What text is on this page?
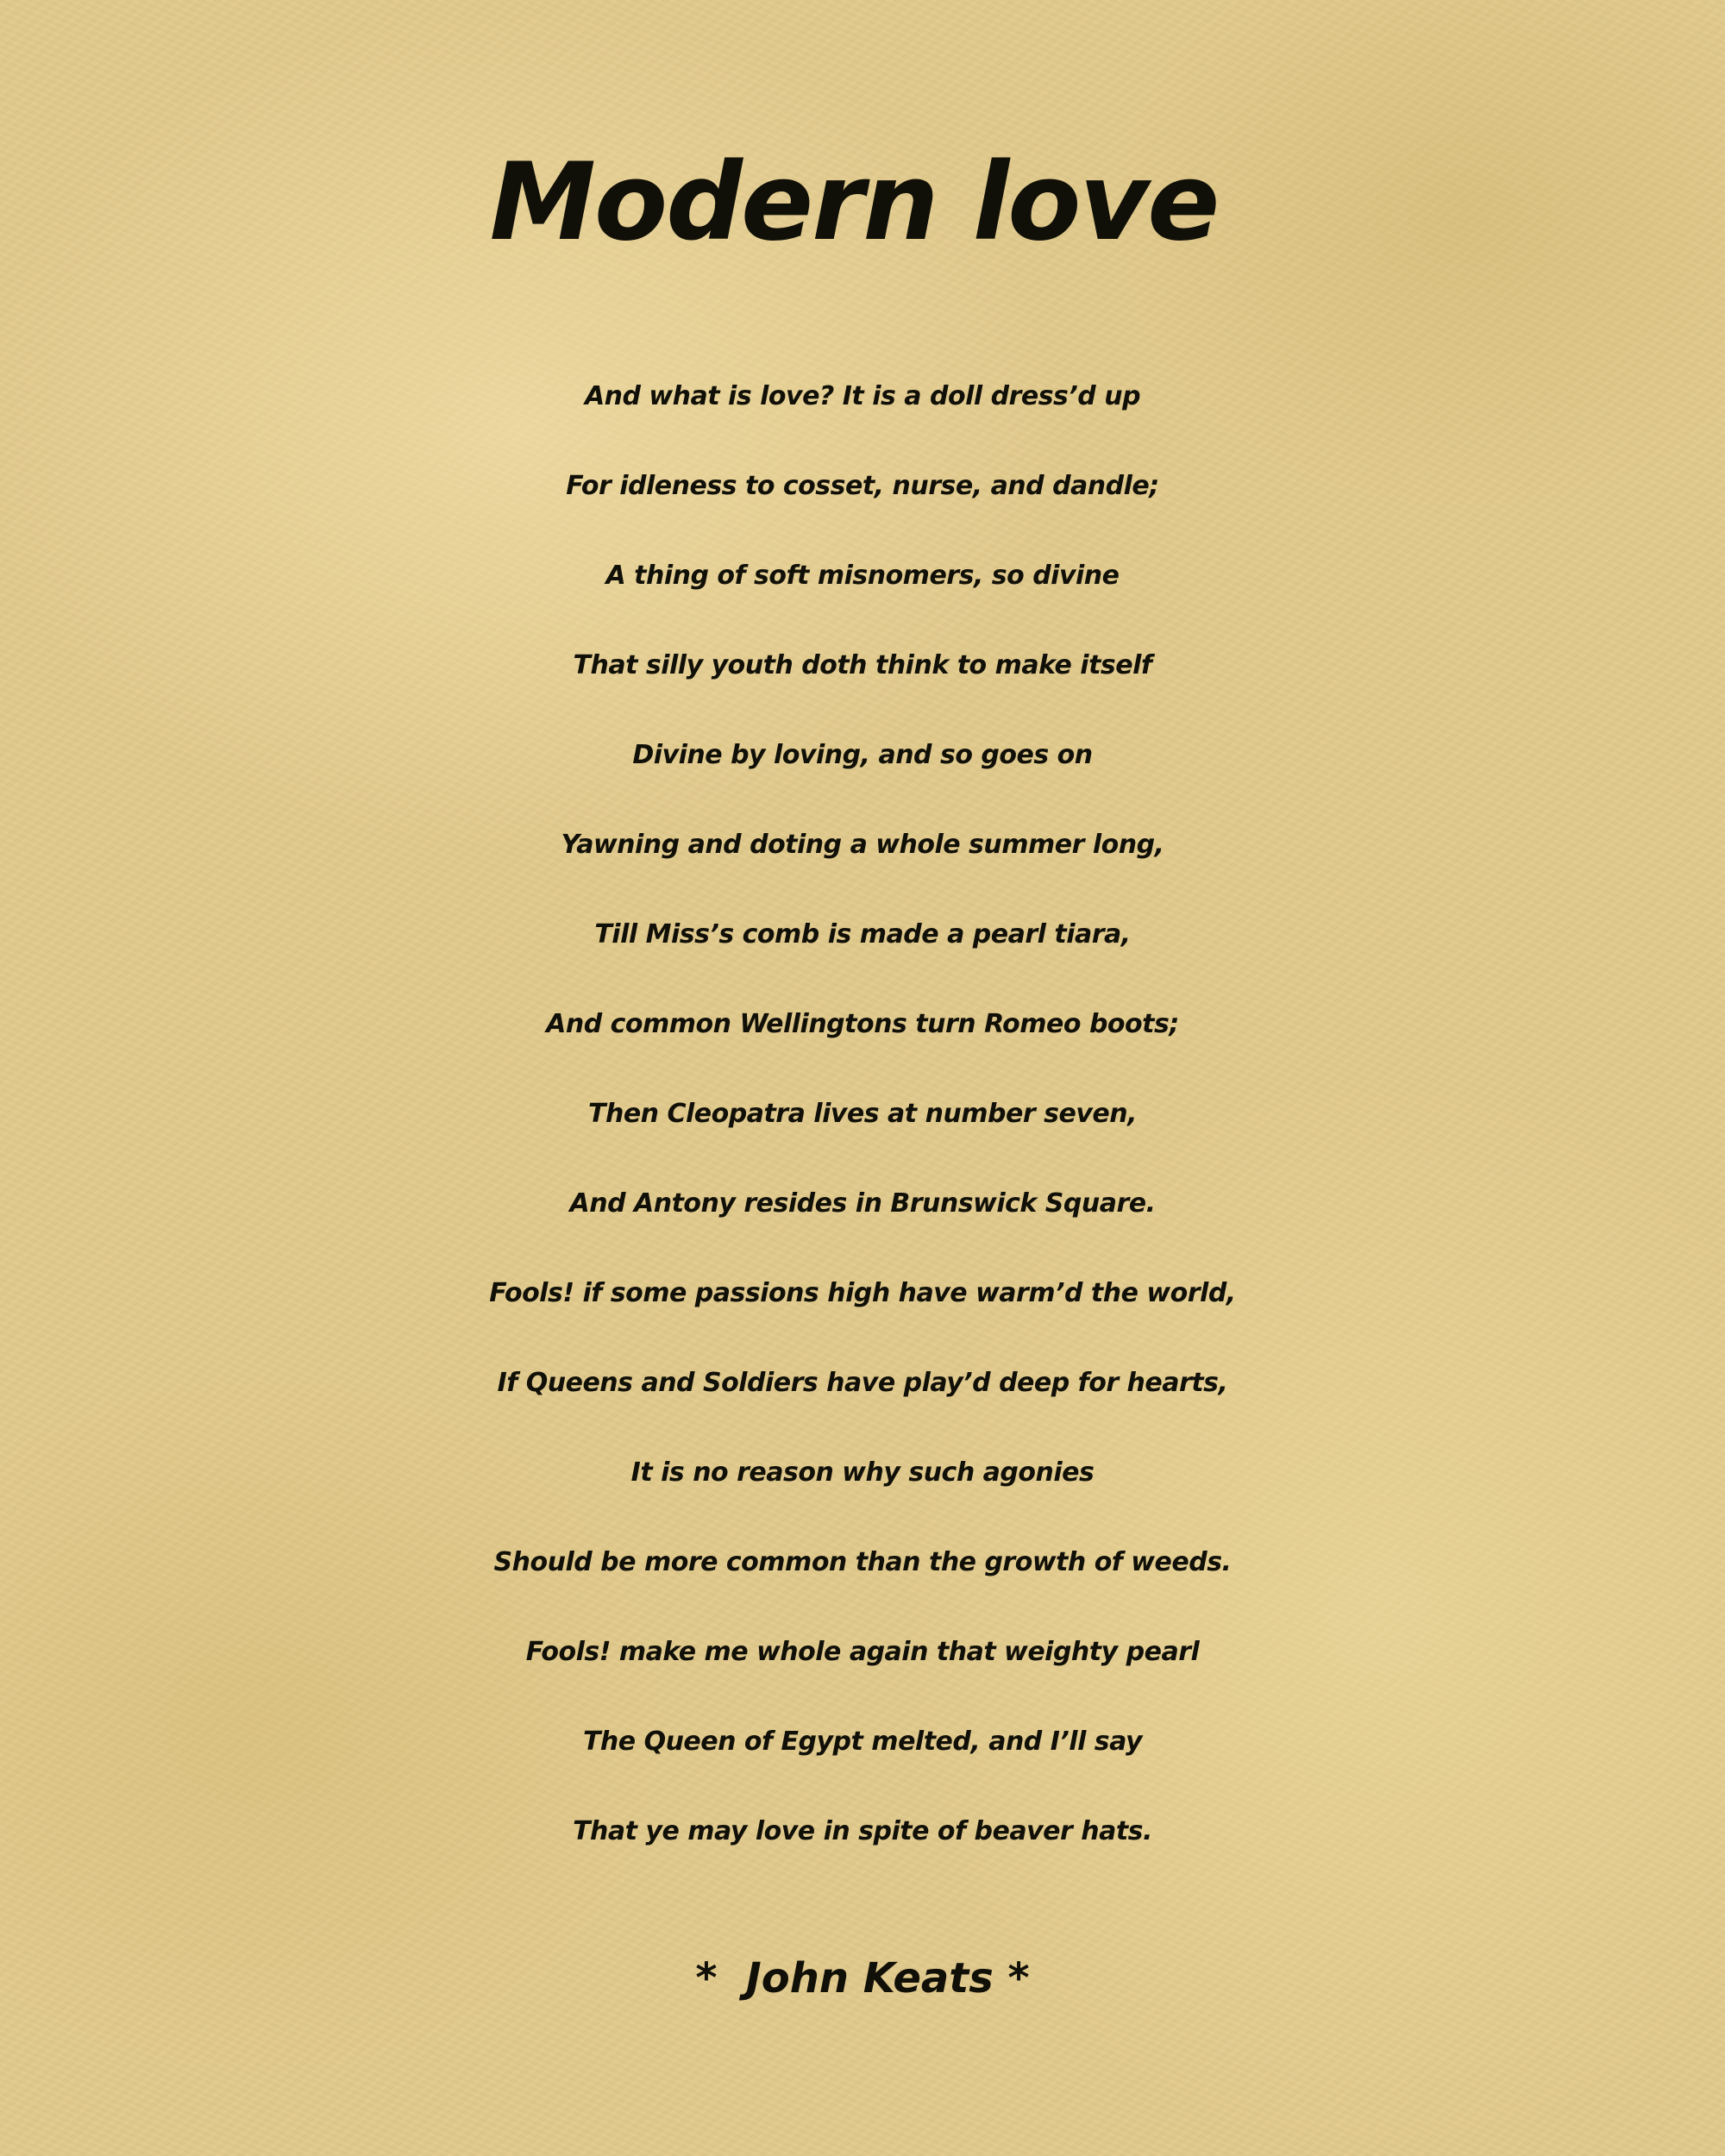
Modern love
And what is love? It is a doll dress’d up
For idleness to cosset, nurse, and dandle;
A thing of soft misnomers, so divine
That silly youth doth think to make itself
Divine by loving, and so goes on
Yawning and doting a whole summer long,
Till Miss’s comb is made a pearl tiara,
And common Wellingtons turn Romeo boots;
Then Cleopatra lives at number seven,
And Antony resides in Brunswick Square.
Fools! if some passions high have warm’d the world,
If Queens and Soldiers have play’d deep for hearts,
It is no reason why such agonies
Should be more common than the growth of weeds.
Fools! make me whole again that weighty pearl
The Queen of Egypt melted, and I’ll say
That ye may love in spite of beaver hats.
*  John Keats *
